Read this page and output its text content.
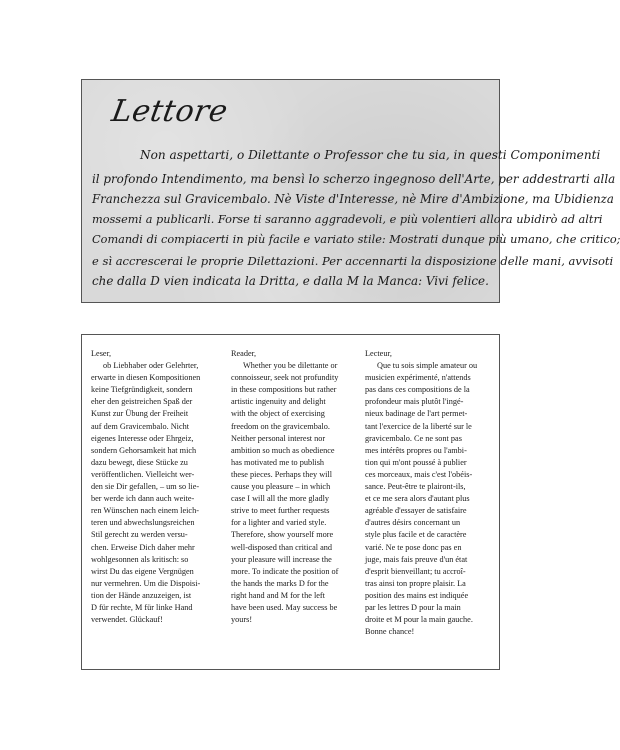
Lettore
Non aspettarti, o Dilettante o Professor che tu sia, in questi Componimenti
il profondo Intendimento, ma bensì lo scherzo ingegnoso dell'Arte, per addestrarti alla
Franchezza sul Gravicembalo. Nè Viste d'Interesse, nè Mire d'Ambizione, ma Ubidienza
mossemi a publicarli. Forse ti saranno aggradevoli, e più volentieri allora ubidirò ad altri
Comandi di compiacerti in più facile e variato stile: Mostrati dunque più umano, che critico;
e sì accrescerai le proprie Dilettazioni. Per accennarti la disposizione delle mani, avvisoti
che dalla D vien indicata la Dritta, e dalla M la Manca: Vivi felice.

Leser,

ob Liebhaber oder Gelehrter,

erwarte in diesen Kompositionen

keine Tiefgründigkeit, sondern

eher den geistreichen Spaß der

Kunst zur Übung der Freiheit

auf dem Gravicembalo. Nicht

eigenes Interesse oder Ehrgeiz,

sondern Gehorsamkeit hat mich

dazu bewegt, diese Stücke zu

veröffentlichen. Vielleicht wer-

den sie Dir gefallen, – um so lie-

ber werde ich dann auch weite-

ren Wünschen nach einem leich-

teren und abwechslungsreichen

Stil gerecht zu werden versu-

chen. Erweise Dich daher mehr

wohlgesonnen als kritisch: so

wirst Du das eigene Vergnügen

nur vermehren. Um die Dispoisi-

tion der Hände anzuzeigen, ist

D für rechte, M für linke Hand

verwendet. Glückauf!

Reader,

Whether you be dilettante or

connoisseur, seek not profundity

in these compositions but rather

artistic ingenuity and delight

with the object of exercising

freedom on the gravicembalo.

Neither personal interest nor

ambition so much as obedience

has motivated me to publish

these pieces. Perhaps they will

cause you pleasure – in which

case I will all the more gladly

strive to meet further requests

for a lighter and varied style.

Therefore, show yourself more

well-disposed than critical and

your pleasure will increase the

more. To indicate the position of

the hands the marks D for the

right hand and M for the left

have been used. May success be

yours!

Lecteur,

Que tu sois simple amateur ou

musicien expérimenté, n'attends

pas dans ces compositions de la

profondeur mais plutôt l'ingé-

nieux badinage de l'art permet-

tant l'exercice de la liberté sur le

gravicembalo. Ce ne sont pas

mes intérêts propres ou l'ambi-

tion qui m'ont poussé à publier

ces morceaux, mais c'est l'obéis-

sance. Peut-être te plairont-ils,

et ce me sera alors d'autant plus

agréable d'essayer de satisfaire

d'autres désirs concernant un

style plus facile et de caractère

varié. Ne te pose donc pas en

juge, mais fais preuve d'un état

d'esprit bienveillant; tu accroî-

tras ainsi ton propre plaisir. La

position des mains est indiquée

par les lettres D pour la main

droite et M pour la main gauche.

Bonne chance!
